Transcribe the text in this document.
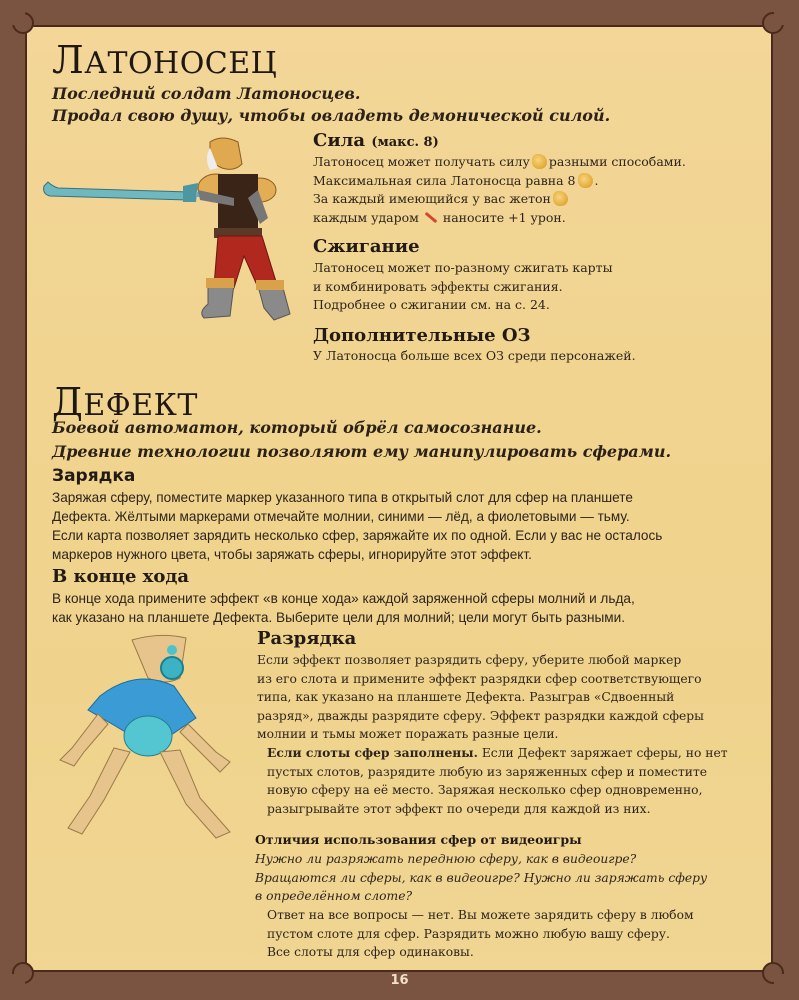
ЛАТОНОСЕЦ
Последний солдат Латоносцев.
Продал свою душу, чтобы овладеть демонической силой.
Сила (макс. 8)
Латоносец может получать силу разными способами.
Максимальная сила Латоносца равна 8 .
За каждый имеющийся у вас жетон
каждым ударом наносите +1 урон.
Сжигание
Латоносец может по-разному сжигать карты
и комбинировать эффекты сжигания.
Подробнее о сжигании см. на с. 24.
Дополнительные ОЗ
У Латоносца больше всех ОЗ среди персонажей.
ДЕФЕКТ
Боевой автоматон, который обрёл самосознание.
Древние технологии позволяют ему манипулировать сферами.
Зарядка
Заряжая сферу, поместите маркер указанного типа в открытый слот для сфер на планшете
Дефекта. Жёлтыми маркерами отмечайте молнии, синими — лёд, а фиолетовыми — тьму.
Если карта позволяет зарядить несколько сфер, заряжайте их по одной. Если у вас не осталось
маркеров нужного цвета, чтобы заряжать сферы, игнорируйте этот эффект.
В конце хода
В конце хода примените эффект «в конце хода» каждой заряженной сферы молний и льда,
как указано на планшете Дефекта. Выберите цели для молний; цели могут быть разными.
Разрядка
Если эффект позволяет разрядить сферу, уберите любой маркер
из его слота и примените эффект разрядки сфер соответствующего
типа, как указано на планшете Дефекта. Разыграв «Сдвоенный
разряд», дважды разрядите сферу. Эффект разрядки каждой сферы
молнии и тьмы может поражать разные цели.
Если слоты сфер заполнены. Если Дефект заряжает сферы, но нет
пустых слотов, разрядите любую из заряженных сфер и поместите
новую сферу на её место. Заряжая несколько сфер одновременно,
разыгрывайте этот эффект по очереди для каждой из них.
Отличия использования сфер от видеоигры
Нужно ли разряжать переднюю сферу, как в видеоигре?
Вращаются ли сферы, как в видеоигре? Нужно ли заряжать сферу
в определённом слоте?
Ответ на все вопросы — нет. Вы можете зарядить сферу в любом
пустом слоте для сфер. Разрядить можно любую вашу сферу.
Все слоты для сфер одинаковы.
16
